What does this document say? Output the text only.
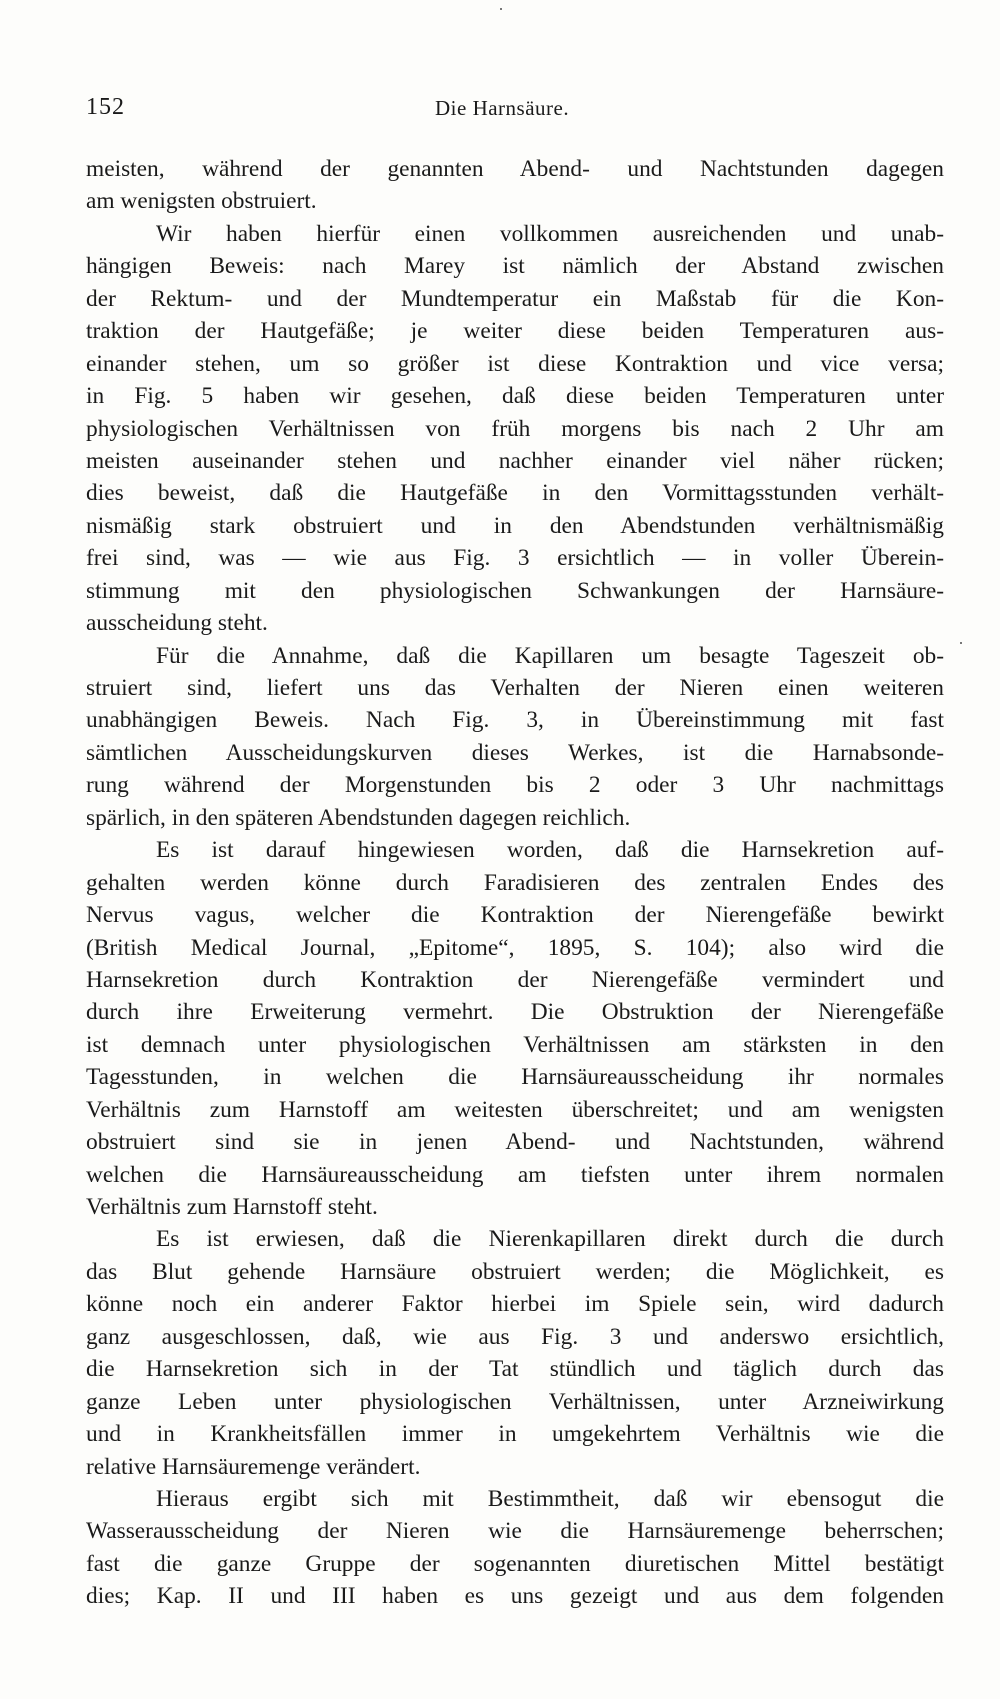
152	Die Harnsäure.
meisten, während der genannten Abend- und Nachtstunden dagegen
am wenigsten obstruiert.
Wir haben hierfür einen vollkommen ausreichenden und unab-
hängigen Beweis: nach Marey ist nämlich der Abstand zwischen
der Rektum- und der Mundtemperatur ein Maßstab für die Kon-
traktion der Hautgefäße; je weiter diese beiden Temperaturen aus-
einander stehen, um so größer ist diese Kontraktion und vice versa;
in Fig. 5 haben wir gesehen, daß diese beiden Temperaturen unter
physiologischen Verhältnissen von früh morgens bis nach 2 Uhr am
meisten auseinander stehen und nachher einander viel näher rücken;
dies beweist, daß die Hautgefäße in den Vormittagsstunden verhält-
nismäßig stark obstruiert und in den Abendstunden verhältnismäßig
frei sind, was — wie aus Fig. 3 ersichtlich — in voller Überein-
stimmung mit den physiologischen Schwankungen der Harnsäure-
ausscheidung steht.
Für die Annahme, daß die Kapillaren um besagte Tageszeit ob-
struiert sind, liefert uns das Verhalten der Nieren einen weiteren
unabhängigen Beweis. Nach Fig. 3, in Übereinstimmung mit fast
sämtlichen Ausscheidungskurven dieses Werkes, ist die Harnabsonde-
rung während der Morgenstunden bis 2 oder 3 Uhr nachmittags
spärlich, in den späteren Abendstunden dagegen reichlich.
Es ist darauf hingewiesen worden, daß die Harnsekretion auf-
gehalten werden könne durch Faradisieren des zentralen Endes des
Nervus vagus, welcher die Kontraktion der Nierengefäße bewirkt
(British Medical Journal, „Epitome“, 1895, S. 104); also wird die
Harnsekretion durch Kontraktion der Nierengefäße vermindert und
durch ihre Erweiterung vermehrt. Die Obstruktion der Nierengefäße
ist demnach unter physiologischen Verhältnissen am stärksten in den
Tagesstunden, in welchen die Harnsäureausscheidung ihr normales
Verhältnis zum Harnstoff am weitesten überschreitet; und am wenigsten
obstruiert sind sie in jenen Abend- und Nachtstunden, während
welchen die Harnsäureausscheidung am tiefsten unter ihrem normalen
Verhältnis zum Harnstoff steht.
Es ist erwiesen, daß die Nierenkapillaren direkt durch die durch
das Blut gehende Harnsäure obstruiert werden; die Möglichkeit, es
könne noch ein anderer Faktor hierbei im Spiele sein, wird dadurch
ganz ausgeschlossen, daß, wie aus Fig. 3 und anderswo ersichtlich,
die Harnsekretion sich in der Tat stündlich und täglich durch das
ganze Leben unter physiologischen Verhältnissen, unter Arzneiwirkung
und in Krankheitsfällen immer in umgekehrtem Verhältnis wie die
relative Harnsäuremenge verändert.
Hieraus ergibt sich mit Bestimmtheit, daß wir ebensogut die
Wasserausscheidung der Nieren wie die Harnsäuremenge beherrschen;
fast die ganze Gruppe der sogenannten diuretischen Mittel bestätigt
dies; Kap. II und III haben es uns gezeigt und aus dem folgenden
